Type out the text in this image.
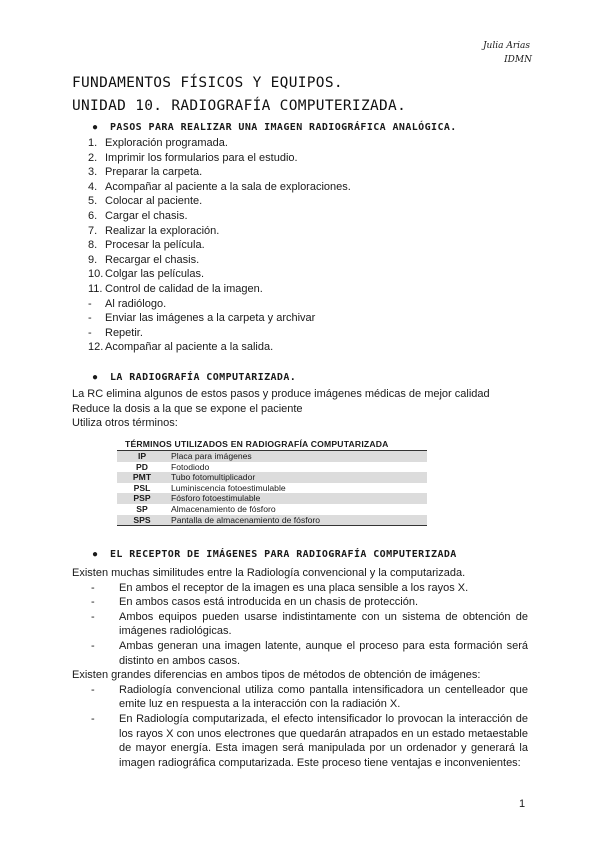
Julia Arias
IDMN
FUNDAMENTOS FÍSICOS Y EQUIPOS.
UNIDAD 10. RADIOGRAFÍA COMPUTERIZADA.
● PASOS PARA REALIZAR UNA IMAGEN RADIOGRÁFICA ANALÓGICA.
1. Exploración programada.
2. Imprimir los formularios para el estudio.
3. Preparar la carpeta.
4. Acompañar al paciente a la sala de exploraciones.
5. Colocar al paciente.
6. Cargar el chasis.
7. Realizar la exploración.
8. Procesar la película.
9. Recargar el chasis.
10. Colgar las películas.
11. Control de calidad de la imagen.
- Al radiólogo.
- Enviar las imágenes a la carpeta y archivar
- Repetir.
12. Acompañar al paciente a la salida.
● LA RADIOGRAFÍA COMPUTARIZADA.
La RC elimina algunos de estos pasos y produce imágenes médicas de mejor calidad
Reduce la dosis a la que se expone el paciente
Utiliza otros términos:
TÉRMINOS UTILIZADOS EN RADIOGRAFÍA COMPUTARIZADA	
IP	Placa para imágenes
PD	Fotodiodo
PMT	Tubo fotomultiplicador
PSL	Luminiscencia fotoestimulable
PSP	Fósforo fotoestimulable
SP	Almacenamiento de fósforo
SPS	Pantalla de almacenamiento de fósforo
● EL RECEPTOR DE IMÁGENES PARA RADIOGRAFÍA COMPUTERIZADA
Existen muchas similitudes entre la Radiología convencional y la computarizada.
- En ambos el receptor de la imagen es una placa sensible a los rayos X.
- En ambos casos está introducida en un chasis de protección.
- Ambos equipos pueden usarse indistintamente con un sistema de obtención de imágenes radiológicas.
- Ambas generan una imagen latente, aunque el proceso para esta formación será distinto en ambos casos.
Existen grandes diferencias en ambos tipos de métodos de obtención de imágenes:
- Radiología convencional utiliza como pantalla intensificadora un centelleador que emite luz en respuesta a la interacción con la radiación X.
- En Radiología computarizada, el efecto intensificador lo provocan la interacción de los rayos X con unos electrones que quedarán atrapados en un estado metaestable de mayor energía. Esta imagen será manipulada por un ordenador y generará la imagen radiográfica computarizada. Este proceso tiene ventajas e inconvenientes:
1
